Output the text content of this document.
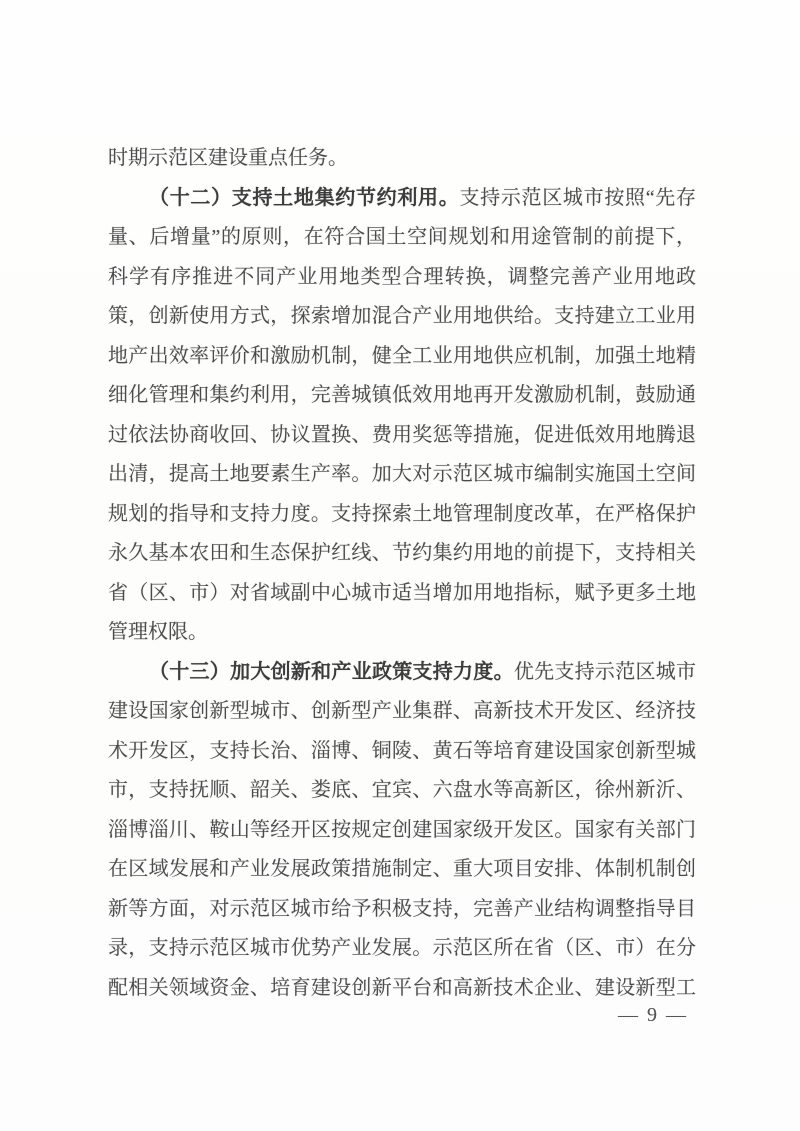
时期示范区建设重点任务。
（十二）支持土地集约节约利用。支持示范区城市按照“先存
量、后增量”的原则，在符合国土空间规划和用途管制的前提下，
科学有序推进不同产业用地类型合理转换，调整完善产业用地政
策，创新使用方式，探索增加混合产业用地供给。支持建立工业用
地产出效率评价和激励机制，健全工业用地供应机制，加强土地精
细化管理和集约利用，完善城镇低效用地再开发激励机制，鼓励通
过依法协商收回、协议置换、费用奖惩等措施，促进低效用地腾退
出清，提高土地要素生产率。加大对示范区城市编制实施国土空间
规划的指导和支持力度。支持探索土地管理制度改革，在严格保护
永久基本农田和生态保护红线、节约集约用地的前提下，支持相关
省（区、市）对省域副中心城市适当增加用地指标，赋予更多土地
管理权限。
（十三）加大创新和产业政策支持力度。优先支持示范区城市
建设国家创新型城市、创新型产业集群、高新技术开发区、经济技
术开发区，支持长治、淄博、铜陵、黄石等培育建设国家创新型城
市，支持抚顺、韶关、娄底、宜宾、六盘水等高新区，徐州新沂、
淄博淄川、鞍山等经开区按规定创建国家级开发区。国家有关部门
在区域发展和产业发展政策措施制定、重大项目安排、体制机制创
新等方面，对示范区城市给予积极支持，完善产业结构调整指导目
录，支持示范区城市优势产业发展。示范区所在省（区、市）在分
配相关领域资金、培育建设创新平台和高新技术企业、建设新型工
— 9 —
